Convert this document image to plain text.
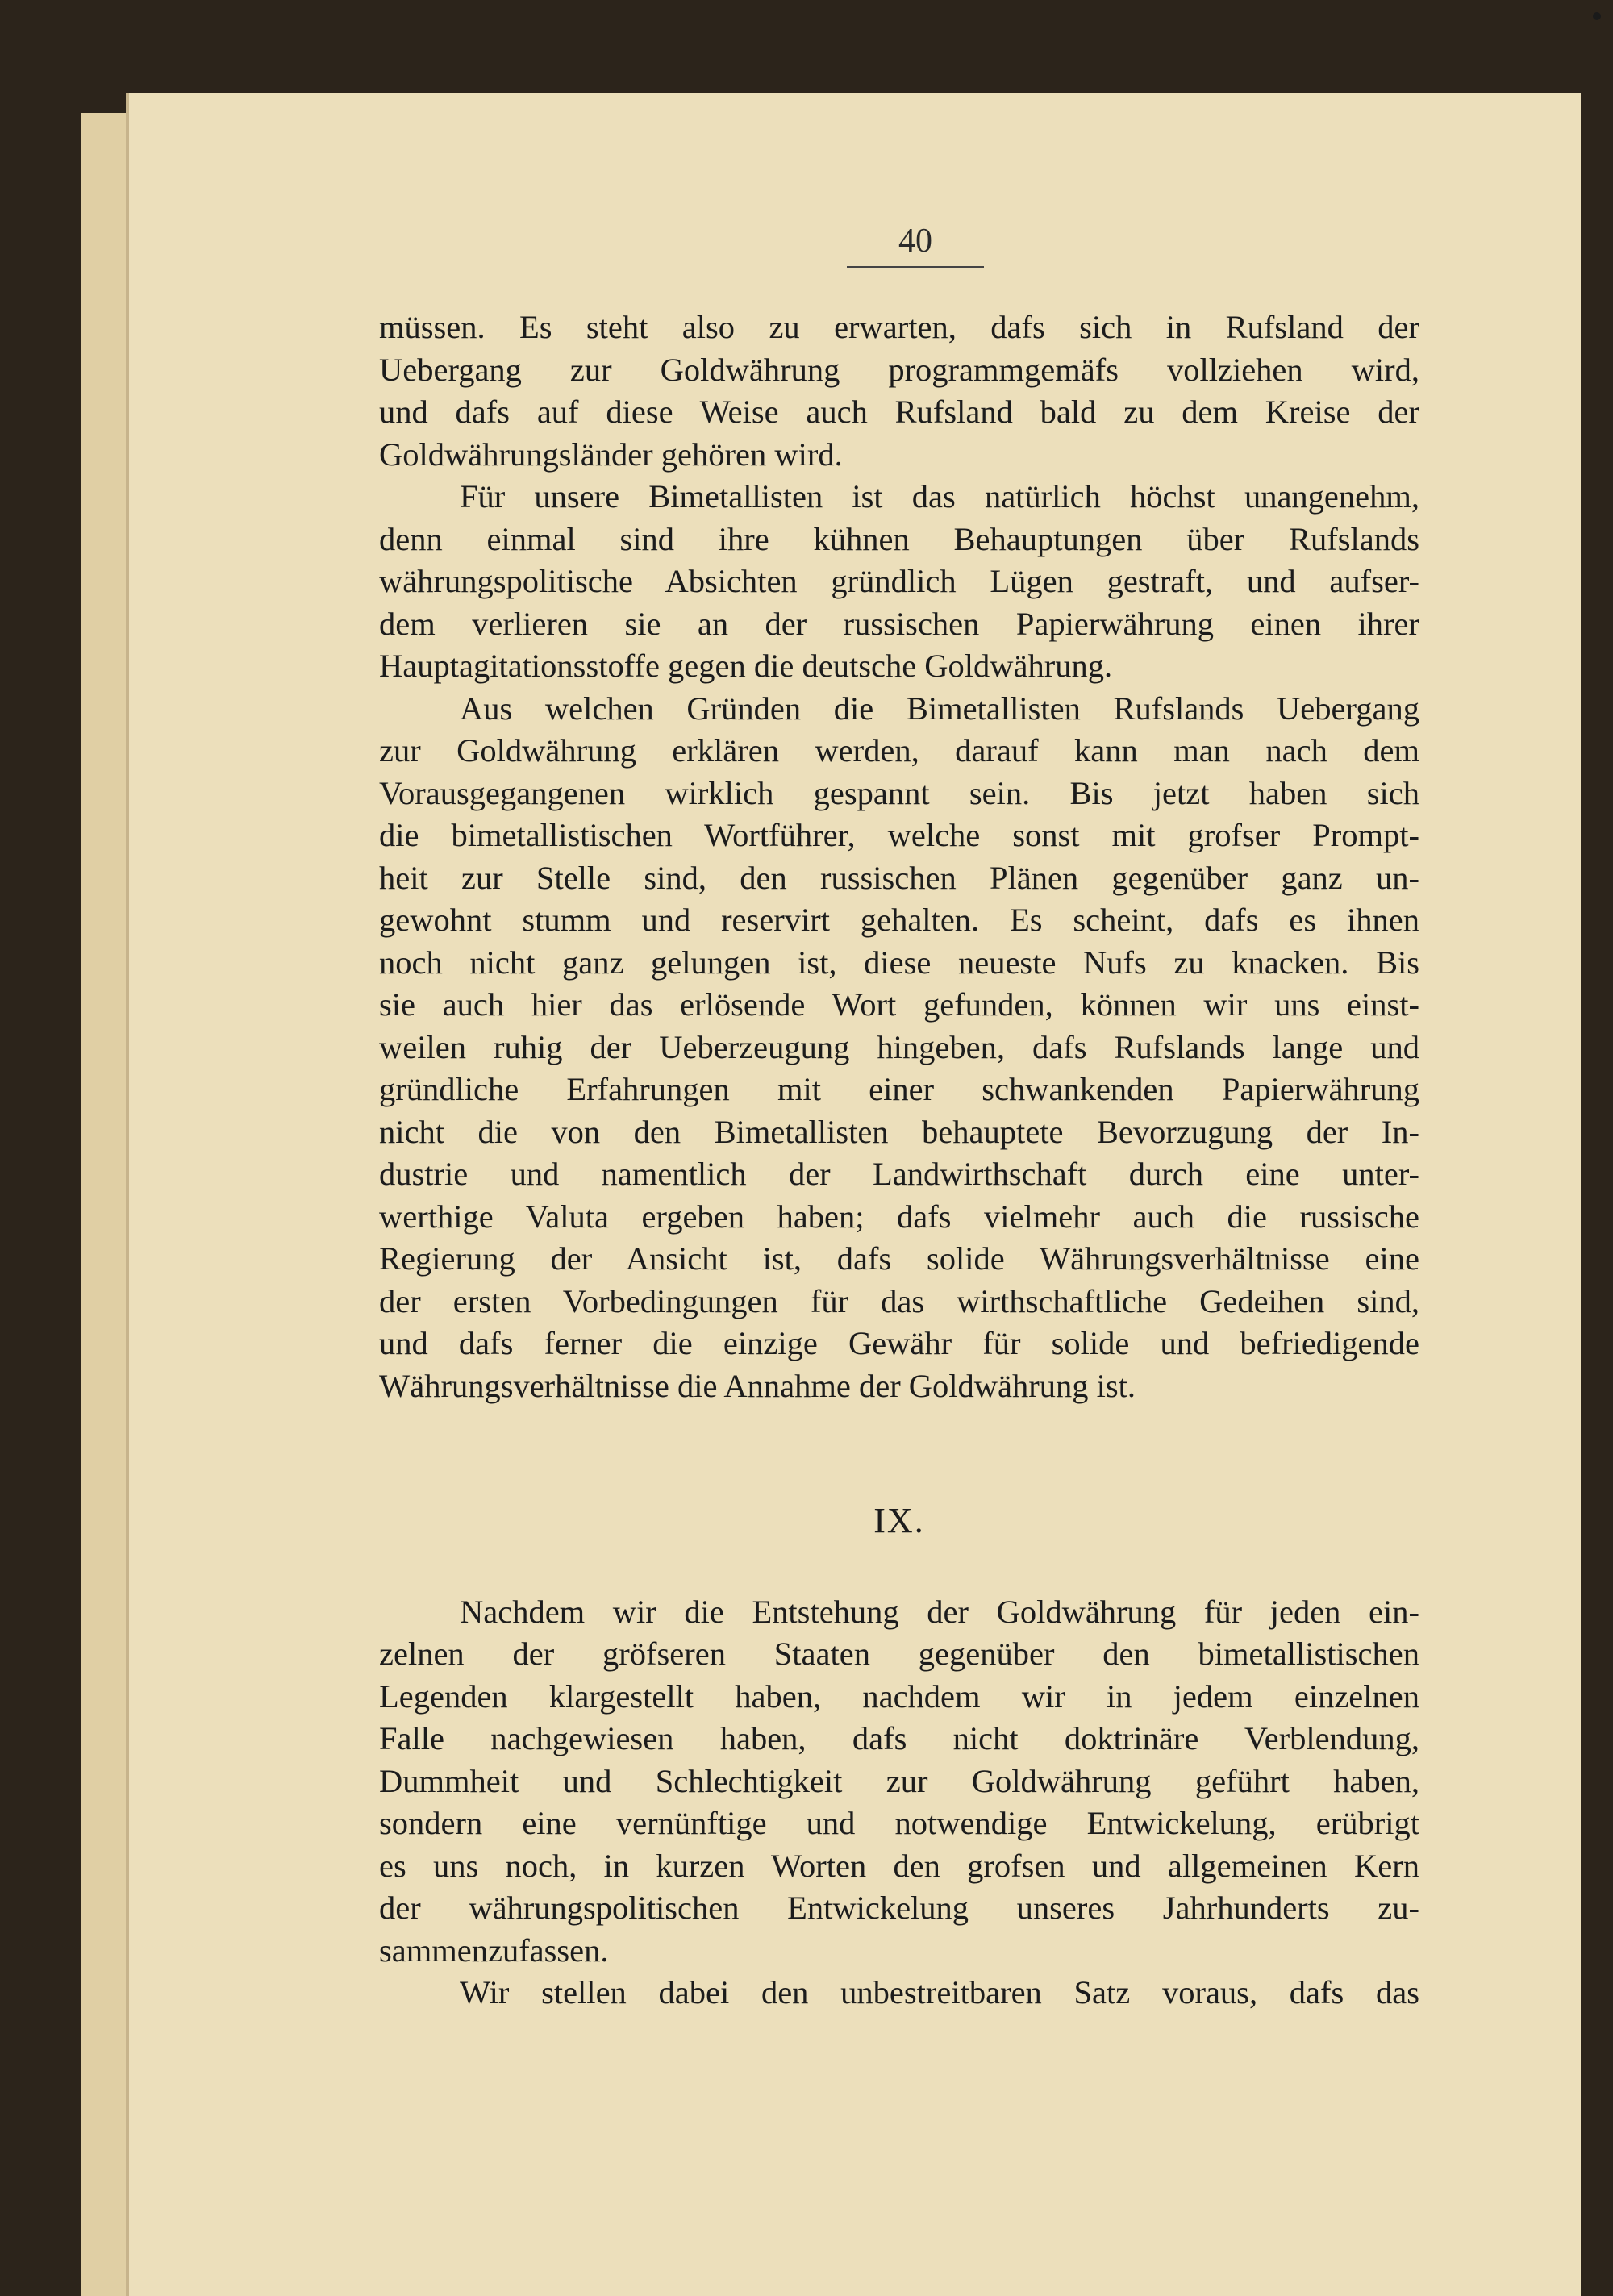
40
müssen. Es steht also zu erwarten, dafs sich in Rufsland der
Uebergang zur Goldwährung programmgemäfs vollziehen wird,
und dafs auf diese Weise auch Rufsland bald zu dem Kreise der
Goldwährungsländer gehören wird.
Für unsere Bimetallisten ist das natürlich höchst unangenehm,
denn einmal sind ihre kühnen Behauptungen über Rufslands
währungspolitische Absichten gründlich Lügen gestraft, und aufser-
dem verlieren sie an der russischen Papierwährung einen ihrer
Hauptagitationsstoffe gegen die deutsche Goldwährung.
Aus welchen Gründen die Bimetallisten Rufslands Uebergang
zur Goldwährung erklären werden, darauf kann man nach dem
Vorausgegangenen wirklich gespannt sein. Bis jetzt haben sich
die bimetallistischen Wortführer, welche sonst mit grofser Prompt-
heit zur Stelle sind, den russischen Plänen gegenüber ganz un-
gewohnt stumm und reservirt gehalten. Es scheint, dafs es ihnen
noch nicht ganz gelungen ist, diese neueste Nufs zu knacken. Bis
sie auch hier das erlösende Wort gefunden, können wir uns einst-
weilen ruhig der Ueberzeugung hingeben, dafs Rufslands lange und
gründliche Erfahrungen mit einer schwankenden Papierwährung
nicht die von den Bimetallisten behauptete Bevorzugung der In-
dustrie und namentlich der Landwirthschaft durch eine unter-
werthige Valuta ergeben haben; dafs vielmehr auch die russische
Regierung der Ansicht ist, dafs solide Währungsverhältnisse eine
der ersten Vorbedingungen für das wirthschaftliche Gedeihen sind,
und dafs ferner die einzige Gewähr für solide und befriedigende
Währungsverhältnisse die Annahme der Goldwährung ist.
IX.
Nachdem wir die Entstehung der Goldwährung für jeden ein-
zelnen der gröfseren Staaten gegenüber den bimetallistischen
Legenden klargestellt haben, nachdem wir in jedem einzelnen
Falle nachgewiesen haben, dafs nicht doktrinäre Verblendung,
Dummheit und Schlechtigkeit zur Goldwährung geführt haben,
sondern eine vernünftige und notwendige Entwickelung, erübrigt
es uns noch, in kurzen Worten den grofsen und allgemeinen Kern
der währungspolitischen Entwickelung unseres Jahrhunderts zu-
sammenzufassen.
Wir stellen dabei den unbestreitbaren Satz voraus, dafs das
